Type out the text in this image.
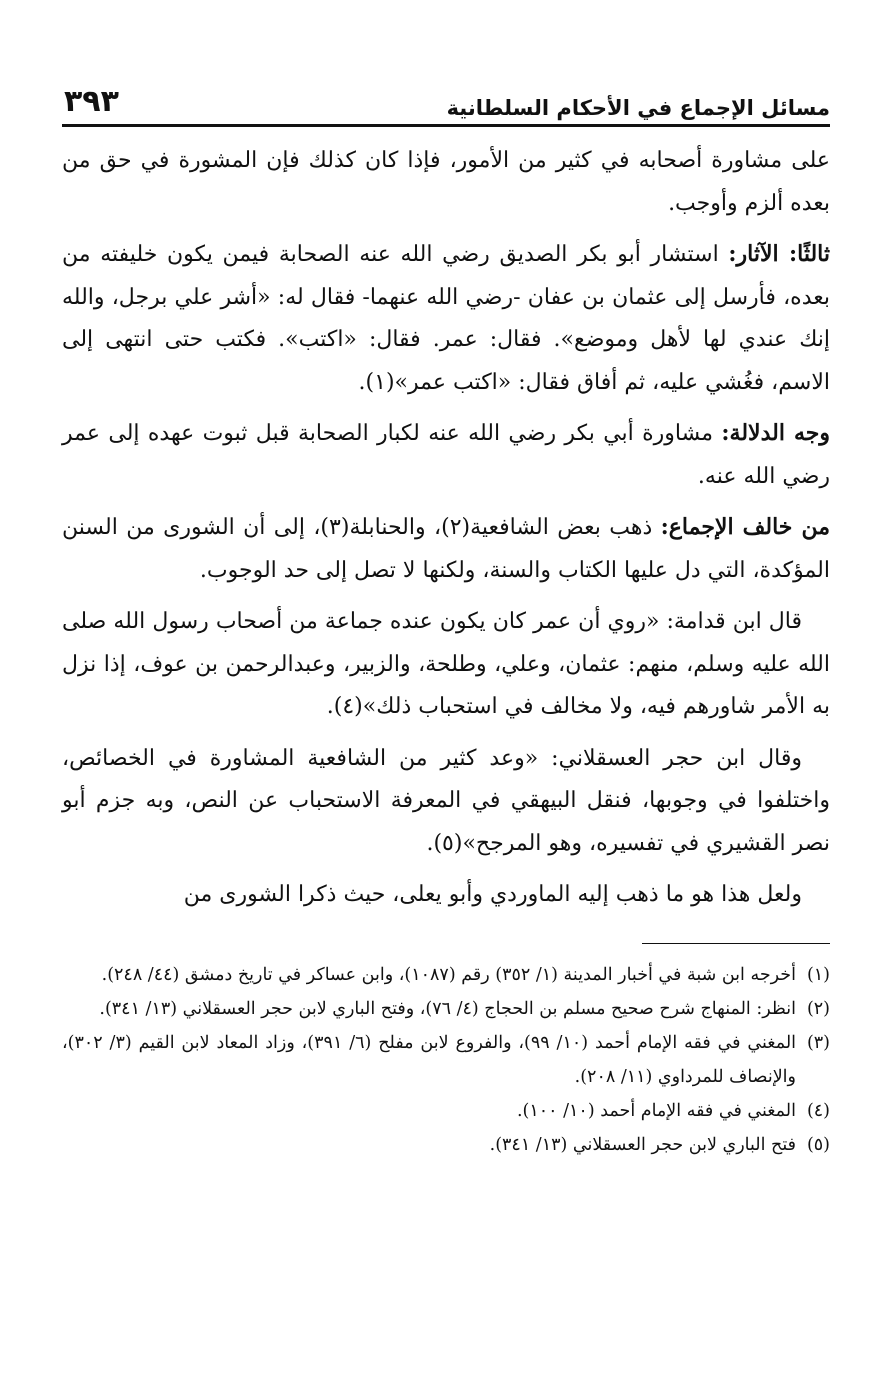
مسائل الإجماع في الأحكام السلطانية
٣٩٣

على مشاورة أصحابه في كثير من الأمور، فإذا كان كذلك فإن المشورة في حق من بعده ألزم وأوجب.

ثالثًا: الآثار: استشار أبو بكر الصديق رضي الله عنه الصحابة فيمن يكون خليفته من بعده، فأرسل إلى عثمان بن عفان -رضي الله عنهما- فقال له: «أشر علي برجل، والله إنك عندي لها لأهل وموضع». فقال: عمر. فقال: «اكتب». فكتب حتى انتهى إلى الاسم، فغُشي عليه، ثم أفاق فقال: «اكتب عمر»(١).

وجه الدلالة: مشاورة أبي بكر رضي الله عنه لكبار الصحابة قبل ثبوت عهده إلى عمر رضي الله عنه.

من خالف الإجماع: ذهب بعض الشافعية(٢)، والحنابلة(٣)، إلى أن الشورى من السنن المؤكدة، التي دل عليها الكتاب والسنة، ولكنها لا تصل إلى حد الوجوب.

قال ابن قدامة: «روي أن عمر كان يكون عنده جماعة من أصحاب رسول الله صلى الله عليه وسلم، منهم: عثمان، وعلي، وطلحة، والزبير، وعبدالرحمن بن عوف، إذا نزل به الأمر شاورهم فيه، ولا مخالف في استحباب ذلك»(٤).

وقال ابن حجر العسقلاني: «وعد كثير من الشافعية المشاورة في الخصائص، واختلفوا في وجوبها، فنقل البيهقي في المعرفة الاستحباب عن النص، وبه جزم أبو نصر القشيري في تفسيره، وهو المرجح»(٥).

ولعل هذا هو ما ذهب إليه الماوردي وأبو يعلى، حيث ذكرا الشورى من

(١)
أخرجه ابن شبة في أخبار المدينة (١/ ٣٥٢) رقم (١٠٨٧)، وابن عساكر في تاريخ دمشق (٤٤/ ٢٤٨).
(٢)
انظر: المنهاج شرح صحيح مسلم بن الحجاج (٤/ ٧٦)، وفتح الباري لابن حجر العسقلاني (١٣/ ٣٤١).
(٣)
المغني في فقه الإمام أحمد (١٠/ ٩٩)، والفروع لابن مفلح (٦/ ٣٩١)، وزاد المعاد لابن القيم (٣/ ٣٠٢)، والإنصاف للمرداوي (١١/ ٢٠٨).
(٤)
المغني في فقه الإمام أحمد (١٠/ ١٠٠).
(٥)
فتح الباري لابن حجر العسقلاني (١٣/ ٣٤١).
